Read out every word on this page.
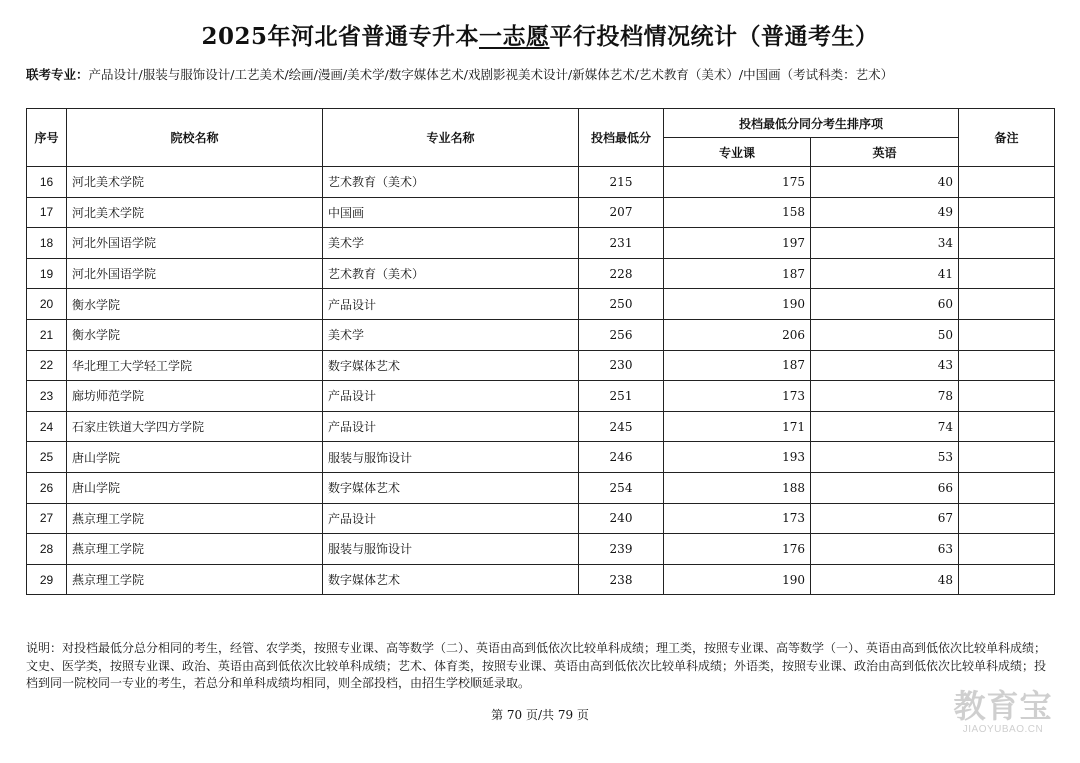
2025年河北省普通专升本一志愿平行投档情况统计（普通考生）
联考专业：产品设计/服装与服饰设计/工艺美术/绘画/漫画/美术学/数字媒体艺术/戏剧影视美术设计/新媒体艺术/艺术教育（美术）/中国画（考试科类：艺术）
序号	院校名称	专业名称	投档最低分	投档最低分同分考生排序项		备注
				专业课	英语	
16	河北美术学院	艺术教育（美术）	215	175	40	
17	河北美术学院	中国画	207	158	49	
18	河北外国语学院	美术学	231	197	34	
19	河北外国语学院	艺术教育（美术）	228	187	41	
20	衡水学院	产品设计	250	190	60	
21	衡水学院	美术学	256	206	50	
22	华北理工大学轻工学院	数字媒体艺术	230	187	43	
23	廊坊师范学院	产品设计	251	173	78	
24	石家庄铁道大学四方学院	产品设计	245	171	74	
25	唐山学院	服装与服饰设计	246	193	53	
26	唐山学院	数字媒体艺术	254	188	66	
27	燕京理工学院	产品设计	240	173	67	
28	燕京理工学院	服装与服饰设计	239	176	63	
29	燕京理工学院	数字媒体艺术	238	190	48	
说明：对投档最低分总分相同的考生，经管、农学类，按照专业课、高等数学（二）、英语由高到低依次比较单科成绩；理工类，按照专业课、高等数学（一）、英语由高到低依次比较单科成绩；文史、医学类，按照专业课、政治、英语由高到低依次比较单科成绩；艺术、体育类，按照专业课、英语由高到低依次比较单科成绩；外语类，按照专业课、政治由高到低依次比较单科成绩；投档到同一院校同一专业的考生，若总分和单科成绩均相同，则全部投档，由招生学校顺延录取。
第 70 页/共 79 页	教育宝
JIAOYUBAO.CN
